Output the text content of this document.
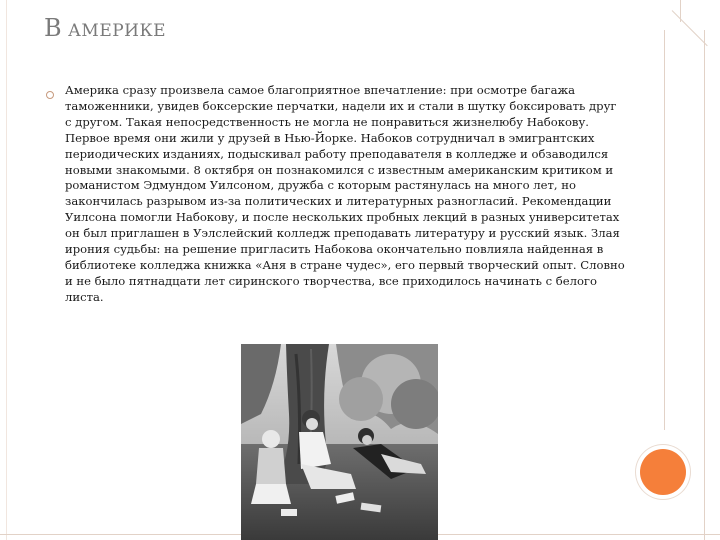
В АМЕРИКЕ
Америка сразу произвела самое благоприятное впечатление: при осмотре багажа таможенники, увидев боксерские перчатки, надели их и стали в шутку боксировать друг с другом. Такая непосредственность не могла не понравиться жизнелюбу Набокову. Первое время они жили у друзей в Нью-Йорке. Набоков сотрудничал в эмигрантских периодических изданиях, подыскивал работу преподавателя в колледже и обзаводился новыми знакомыми. 8 октября он познакомился с известным американским критиком и романистом Эдмундом Уилсоном, дружба с которым растянулась на много лет, но закончилась разрывом из-за политических и литературных разногласий. Рекомендации Уилсона помогли Набокову, и после нескольких пробных лекций в разных университетах он был приглашен в Уэлслейский колледж преподавать литературу и русский язык. Злая ирония судьбы: на решение пригласить Набокова окончательно повлияла найденная в библиотеке колледжа книжка «Аня в стране чудес», его первый творческий опыт. Словно и не было пятнадцати лет сиринского творчества, все приходилось начинать с белого листа.
